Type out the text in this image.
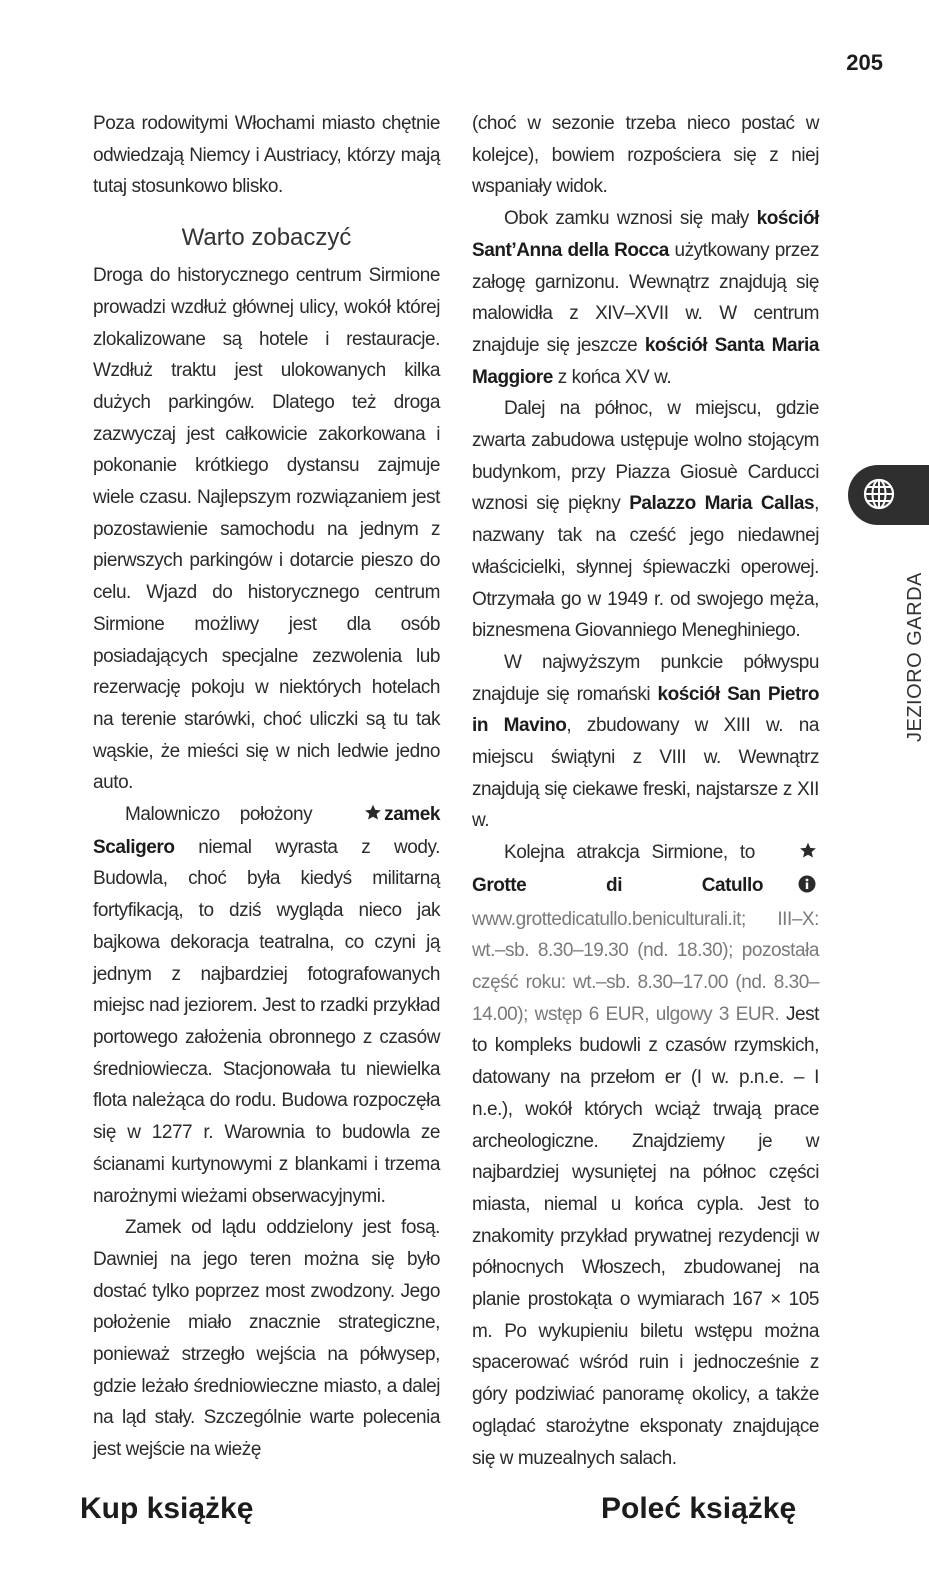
205

Poza rodowitymi Włochami miasto chętnie odwiedzają Niemcy i Austriacy, którzy mają tutaj stosunkowo blisko.

Warto zobaczyć

Droga do historycznego centrum Sirmione prowadzi wzdłuż głównej ulicy, wokół której zlokalizowane są hotele i restauracje. Wzdłuż traktu jest ulokowanych kilka dużych parkingów. Dlatego też droga zazwyczaj jest całkowicie zakorkowana i pokonanie krótkiego dystansu zajmuje wiele czasu. Najlepszym rozwiązaniem jest pozostawienie samochodu na jednym z pierwszych parkingów i dotarcie pieszo do celu. Wjazd do historycznego centrum Sirmione możliwy jest dla osób posiadających specjalne zezwolenia lub rezerwację pokoju w niektórych hotelach na terenie starówki, choć uliczki są tu tak wąskie, że mieści się w nich ledwie jedno auto.

Malowniczo położony	zamek Scaligero niemal wyrasta z wody. Budowla, choć była kiedyś militarną fortyfikacją, to dziś wygląda nieco jak bajkowa dekoracja teatralna, co czyni ją jednym z najbardziej fotografowanych miejsc nad jeziorem. Jest to rzadki przykład portowego założenia obronnego z czasów średniowiecza. Stacjonowała tu niewielka flota należąca do rodu. Budowa rozpoczęła się w 1277 r. Warownia to budowla ze ścianami kurtynowymi z blankami i trzema narożnymi wieżami obserwacyjnymi.

Zamek od lądu oddzielony jest fosą. Dawniej na jego teren można się było dostać tylko poprzez most zwodzony. Jego położenie miało znacznie strategiczne, ponieważ strzegło wejścia na półwysep, gdzie leżało średniowieczne miasto, a dalej na ląd stały. Szczególnie warte polecenia jest wejście na wieżę

(choć w sezonie trzeba nieco postać w kolejce), bowiem rozpościera się z niej wspaniały widok.

Obok zamku wznosi się mały kościół Sant’Anna della Rocca użytkowany przez załogę garnizonu. Wewnątrz znajdują się malowidła z XIV–XVII w. W centrum znajduje się jeszcze kościół Santa Maria Maggiore z końca XV w.

Dalej na północ, w miejscu, gdzie zwarta zabudowa ustępuje wolno stojącym budynkom, przy Piazza Giosuè Carducci wznosi się piękny Palazzo Maria Callas, nazwany tak na cześć jego niedawnej właścicielki, słynnej śpiewaczki operowej. Otrzymała go w 1949 r. od swojego męża, biznesmena Giovanniego Meneghiniego.

W najwyższym punkcie półwyspu znajduje się romański kościół San Pietro in Mavino, zbudowany w XIII w. na miejscu świątyni z VIII w. Wewnątrz znajdują się ciekawe freski, najstarsze z XII w.

Kolejna atrakcja Sirmione, to Grotte di Catullowww.grottedicatullo.beniculturali.it; III–X: wt.–sb. 8.30–19.30 (nd. 18.30); pozostała część roku: wt.–sb. 8.30–17.00 (nd. 8.30–14.00); wstęp 6 EUR, ulgowy 3 EUR. Jest to kompleks budowli z czasów rzymskich, datowany na przełom er (I w. p.n.e. – I n.e.), wokół których wciąż trwają prace archeologiczne. Znajdziemy je w najbardziej wysuniętej na północ części miasta, niemal u końca cypla. Jest to znakomity przykład prywatnej rezydencji w północnych Włoszech, zbudowanej na planie prostokąta o wymiarach 167 × 105 m. Po wykupieniu biletu wstępu można spacerować wśród ruin i jednocześnie z góry podziwiać panoramę okolicy, a także oglądać starożytne eksponaty znajdujące się w muzealnych salach.

JEZIORO GARDA
Kup książkę	Poleć książkę
